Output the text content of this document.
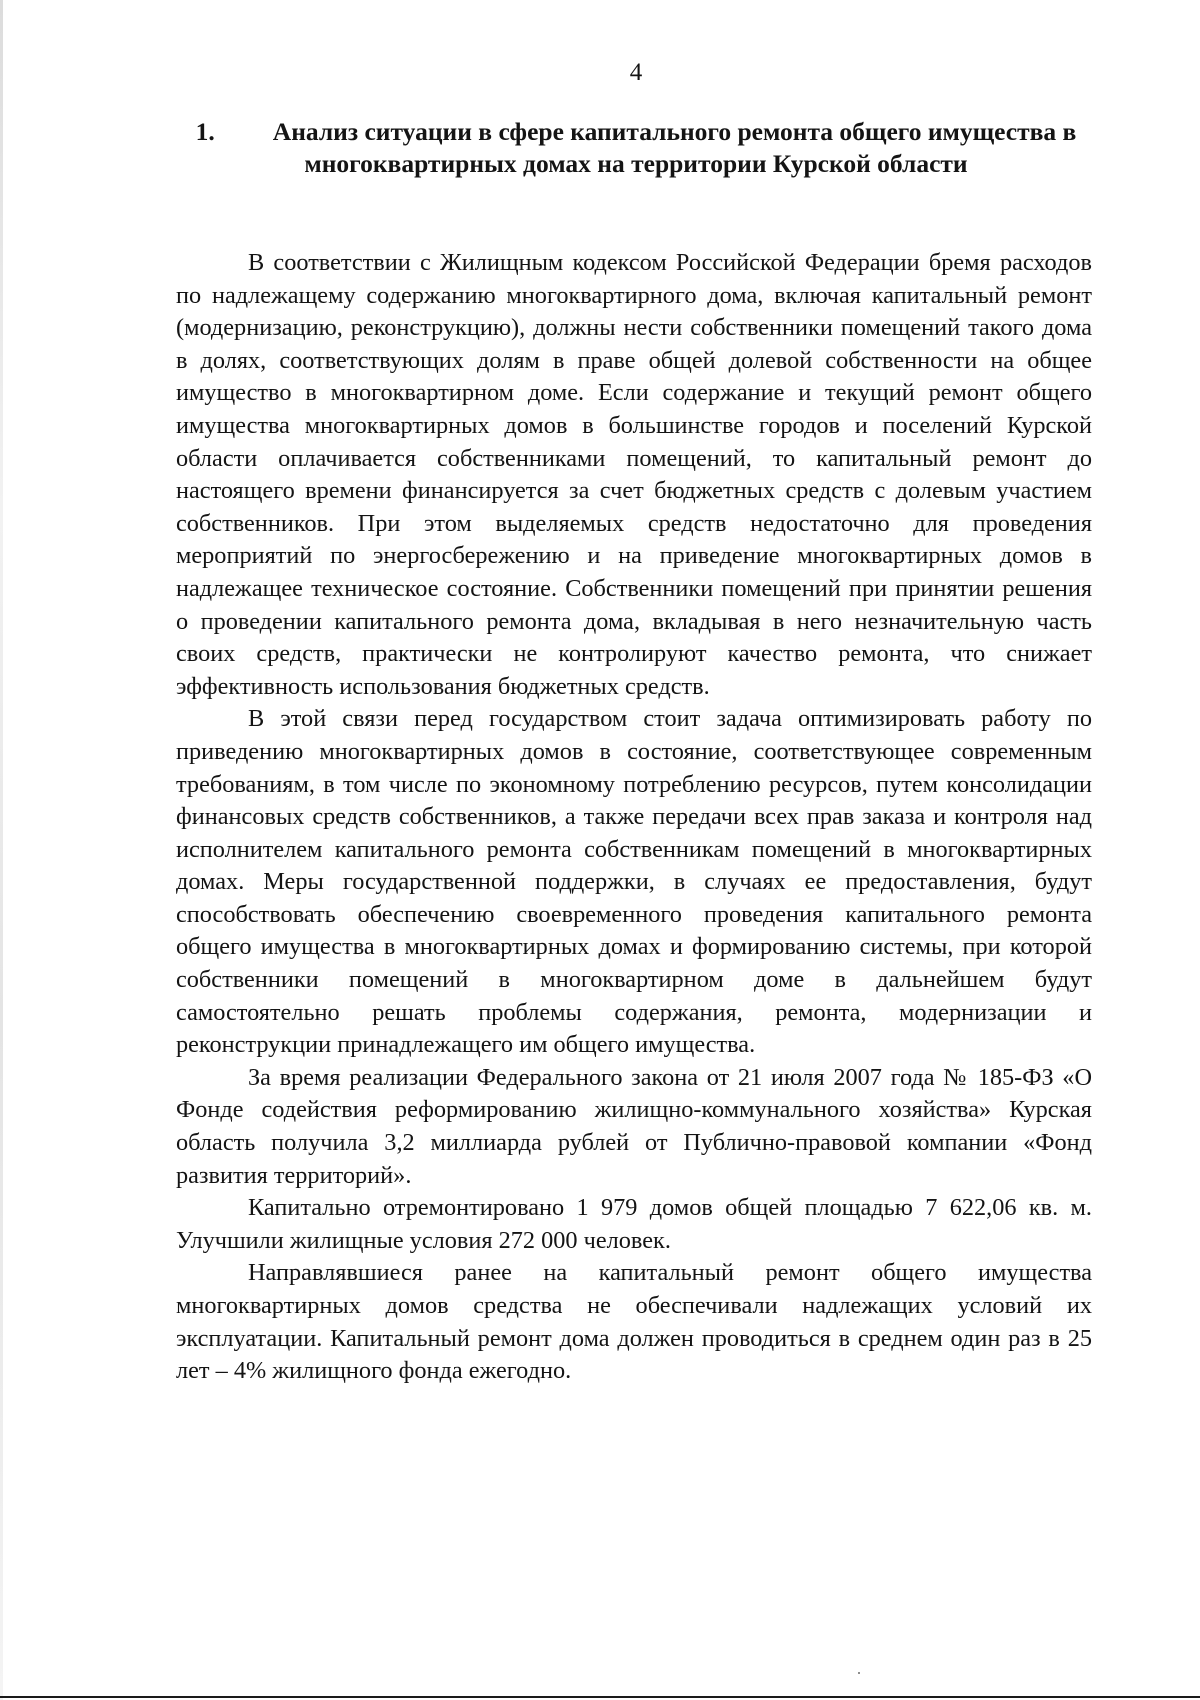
4
1. Анализ ситуации в сфере капитального ремонта общего имущества в многоквартирных домах на территории Курской области

В соответствии с Жилищным кодексом Российской Федерации бремя расходов по надлежащему содержанию многоквартирного дома, включая капитальный ремонт (модернизацию, реконструкцию), должны нести собственники помещений такого дома в долях, соответствующих долям в праве общей долевой собственности на общее имущество в многоквартирном доме. Если содержание и текущий ремонт общего имущества многоквартирных домов в большинстве городов и поселений Курской области оплачивается собственниками помещений, то капитальный ремонт до настоящего времени финансируется за счет бюджетных средств с долевым участием собственников. При этом выделяемых средств недостаточно для проведения мероприятий по энергосбережению и на приведение многоквартирных домов в надлежащее техническое состояние. Собственники помещений при принятии решения о проведении капитального ремонта дома, вкладывая в него незначительную часть своих средств, практически не контролируют качество ремонта, что снижает эффективность использования бюджетных средств.

В этой связи перед государством стоит задача оптимизировать работу по приведению многоквартирных домов в состояние, соответствующее современным требованиям, в том числе по экономному потреблению ресурсов, путем консолидации финансовых средств собственников, а также передачи всех прав заказа и контроля над исполнителем капитального ремонта собственникам помещений в многоквартирных домах. Меры государственной поддержки, в случаях ее предоставления, будут способствовать обеспечению своевременного проведения капитального ремонта общего имущества в многоквартирных домах и формированию системы, при которой собственники помещений в многоквартирном доме в дальнейшем будут самостоятельно решать проблемы содержания, ремонта, модернизации и реконструкции принадлежащего им общего имущества.

За время реализации Федерального закона от 21 июля 2007 года № 185-ФЗ «О Фонде содействия реформированию жилищно-коммунального хозяйства» Курская область получила 3,2 миллиарда рублей от Публично-правовой компании «Фонд развития территорий».

Капитально отремонтировано 1 979 домов общей площадью 7 622,06 кв. м. Улучшили жилищные условия 272 000 человек.

Направлявшиеся ранее на капитальный ремонт общего имущества многоквартирных домов средства не обеспечивали надлежащих условий их эксплуатации. Капитальный ремонт дома должен проводиться в среднем один раз в 25 лет – 4% жилищного фонда ежегодно.
